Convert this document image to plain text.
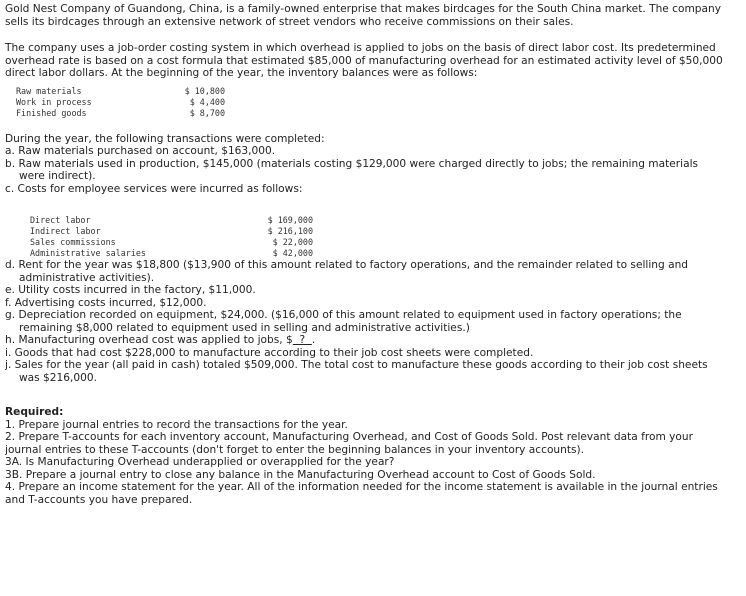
Gold Nest Company of Guandong, China, is a family-owned enterprise that makes birdcages for the South China market. The company sells its birdcages through an extensive network of street vendors who receive commissions on their sales.

The company uses a job-order costing system in which overhead is applied to jobs on the basis of direct labor cost. Its predetermined overhead rate is based on a cost formula that estimated $85,000 of manufacturing overhead for an estimated activity level of $50,000 direct labor dollars. At the beginning of the year, the inventory balances were as follows:

Raw materials	$ 10,800
Work in process	$ 4,400
Finished goods	$ 8,700

During the year, the following transactions were completed:

a. Raw materials purchased on account, $163,000.
b. Raw materials used in production, $145,000 (materials costing $129,000 were charged directly to jobs; the remaining materials
were indirect).
c. Costs for employee services were incurred as follows:
Direct labor	$ 169,000
Indirect labor	$ 216,100
Sales commissions	$ 22,000
Administrative salaries	$ 42,000
d. Rent for the year was $18,800 ($13,900 of this amount related to factory operations, and the remainder related to selling and
administrative activities).
e. Utility costs incurred in the factory, $11,000.
f. Advertising costs incurred, $12,000.
g. Depreciation recorded on equipment, $24,000. ($16,000 of this amount related to equipment used in factory operations; the
remaining $8,000 related to equipment used in selling and administrative activities.)
h. Manufacturing overhead cost was applied to jobs, $  ?  .
i. Goods that had cost $228,000 to manufacture according to their job cost sheets were completed.
j. Sales for the year (all paid in cash) totaled $509,000. The total cost to manufacture these goods according to their job cost sheets
was $216,000.

Required:

1. Prepare journal entries to record the transactions for the year.

2. Prepare T-accounts for each inventory account, Manufacturing Overhead, and Cost of Goods Sold. Post relevant data from your

journal entries to these T-accounts (don't forget to enter the beginning balances in your inventory accounts).

3A. Is Manufacturing Overhead underapplied or overapplied for the year?

3B. Prepare a journal entry to close any balance in the Manufacturing Overhead account to Cost of Goods Sold.

4. Prepare an income statement for the year. All of the information needed for the income statement is available in the journal entries

and T-accounts you have prepared.
